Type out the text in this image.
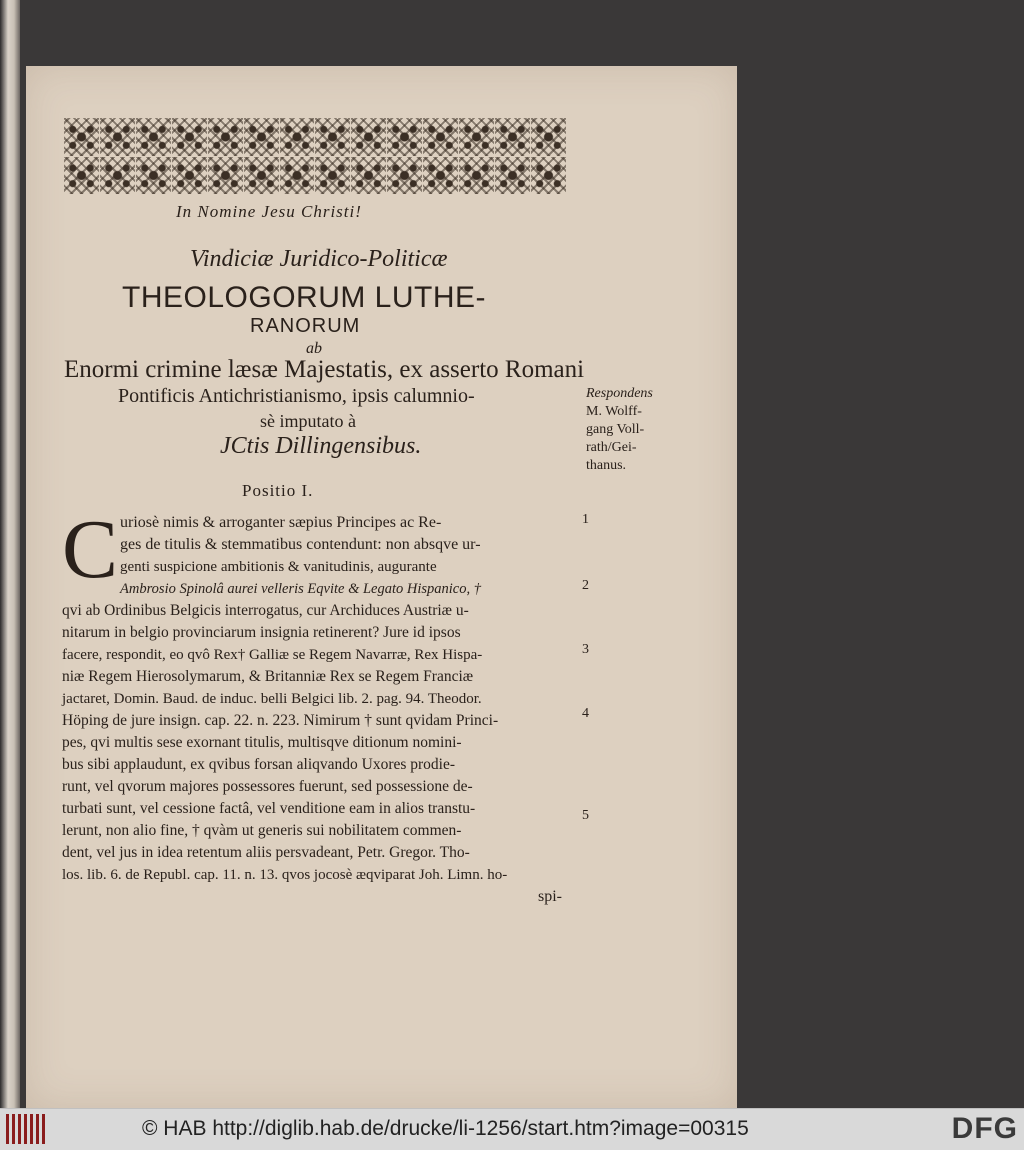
In Nomine Jesu Christi!
Vindiciæ Juridico-Politicæ
THEOLOGORUM LUTHE-
RANORUM
ab
Enormi crimine læsæ Majestatis, ex asserto Romani
Pontificis Antichristianismo, ipsis calumnio-
sè imputato à
JCtis Dillingensibus.
Positio I.
Respondens
M. Wolff-
gang Voll-
rath/Gei-
thanus.
C uriosè nimis & arroganter sæpius Principes ac Re-
ges de titulis & stemmatibus contendunt: non absqve ur-
genti suspicione ambitionis & vanitudinis, augurante
Ambrosio Spinolâ aurei velleris Eqvite & Legato Hispanico, †
qvi ab Ordinibus Belgicis interrogatus, cur Archiduces Austriæ u-
nitarum in belgio provinciarum insignia retinerent? Jure id ipsos
facere, respondit, eo qvô Rex† Galliæ se Regem Navarræ, Rex Hispa-
niæ Regem Hierosolymarum, & Britanniæ Rex se Regem Franciæ
jactaret, Domin. Baud. de induc. belli Belgici lib. 2. pag. 94. Theodor.
Höping de jure insign. cap. 22. n. 223. Nimirum † sunt qvidam Princi-
pes, qvi multis sese exornant titulis, multisqve ditionum nomini-
bus sibi applaudunt, ex qvibus forsan aliqvando Uxores prodie-
runt, vel qvorum majores possessores fuerunt, sed possessione de-
turbati sunt, vel cessione factâ, vel venditione eam in alios transtu-
lerunt, non alio fine, † qvàm ut generis sui nobilitatem commen-
dent, vel jus in idea retentum aliis persvadeant, Petr. Gregor. Tho-
los. lib. 6. de Republ. cap. 11. n. 13. qvos jocosè æqviparat Joh. Limn. ho-
spi-
1
2
3
4
5
© HAB http://diglib.hab.de/drucke/li-1256/start.htm?image=00315	DFG
